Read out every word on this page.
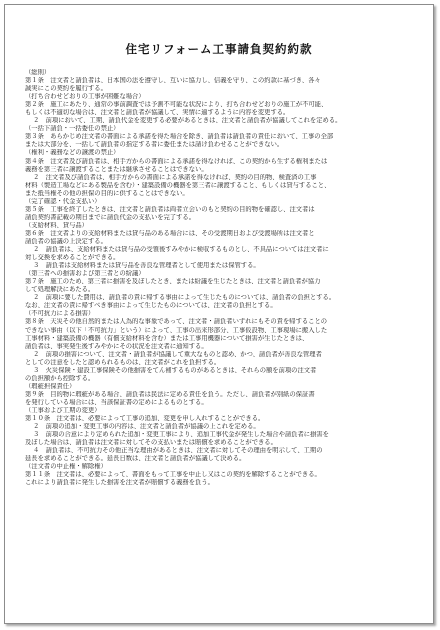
住宅リフォーム工事請負契約約款
（総則）
第１条　注文者と請負者は、日本国の法を遵守し、互いに協力し、信義を守り、この約款に基づき、各々
誠実にこの契約を履行する。
（打ち合わせどおりの工事が困難な場合）
第２条　施工にあたり、通常の事前調査では予測不可能な状況により、打ち合わせどおりの施工が不可能、
もしくは不適切な場合は、注文者と請負者が協議して、実情に適するように内容を変更する。
２　前項において、工期、請負代金を変更する必要があるときは、注文者と請負者が協議してこれを定める。
（一括下請負・一括委任の禁止）
第３条　あらかじめ注文者の書面による承諾を得た場合を除き、請負者は請負者の責任において、工事の全部
または大部分を、一括して請負者の指定する者に委任または請け負わせることができない。
（権利・義務などの譲渡の禁止）
第４条　注文者及び請負者は、相手方からの書面による承諾を得なければ、この契約から生ずる権利または
義務を第三者に譲渡することまたは継承させることはできない。
２　注文者及び請負者は、相手方からの書面による承諾を得なければ、契約の目的物、検査済の工事
材料（製造工場などにある製品を含む）・建築設備の機器を第三者に譲渡すること、もしくは貸与すること、
また抵当権その他の担保の目的に供することはできない。
（完了確認・代金支払い）
第５条　工事を終了したときは、注文者と請負者は両者立会いのもと契約の目的物を確認し、注文者は
請負契約書記載の期日までに請負代金の支払いを完了する。
（支給材料、貸与品）
第６条　注文者よりの支給材料または貸与品のある場合には、その受渡期日および受渡場所は注文者と
請負者の協議の上決定する。
２　請負者は、支給材料または貸与品の受領後すみやかに検収するものとし、不具品については注文者に
対し交換を求めることができる。
３　請負者は支給材料または貸与品を善良な管理者として使用または保管する。
（第三者への損害および第三者との紛議）
第７条　施工のため、第三者に損害を及ぼしたとき、または紛議を生じたときは、注文者と請負者が協力
して処理解決にあたる。
２　前項に要した費用は、請負者の責に帰する事由によって生じたものについては、請負者の負担とする。
なお、注文者の責に帰すべき事由によって生じたものについては、注文者の負担とする。
（不可抗力による損害）
第８条　天災その他自然的または人為的な事象であって、注文者・請負者いずれにもその責を帰することの
できない事由（以下「不可抗力」という）によって、工事の出来形部分、工事仮設物、工事現場に搬入した
工事材料・建築設備の機器（有償支給材料を含む）または工事用機器について損害が生じたときは、
請負者は、事実発生後すみやかにその状況を注文者に通知する。
２　前項の損害について、注文者・請負者が協議して重大なものと認め、かつ、請負者が善良な管理者
としての注意をしたと認められるものは、注文者がこれを負担する。
３　火災保険・建設工事保険その他損害をてん補するものがあるときは、それらの額を前項の注文者
の負担額から控除する。
（瑕疵担保責任）
第９条　目的物に瑕疵がある場合、請負者は民法に定める責任を負う。ただし、請負者が別紙の保証書
を発行している場合には、当該保証書の定めによるものとする。
（工事および工期の変更）
第１０条　注文者は、必要によって工事の追加、変更を申し入れすることができる。
２　前項の追加・変更工事の内容は、注文者と請負者が協議の上これを定める。
３　前項の合意により定められた追加・変更工事により、追加工事代金が発生した場合や請負者に損害を
及ぼした場合は、請負者は注文者に対してその支払いまたは賠償を求めることができる。
４　請負者は、不可抗力その他正当な理由があるときは、注文者に対してその理由を明示して、工期の
延長を求めることができる。延長日数は、注文者と請負者が協議して決める。
（注文者の中止権・解除権）
第１１条　注文者は、必要によって、書面をもって工事を中止し又はこの契約を解除することができる。
これにより請負者に発生した損害を注文者が賠償する義務を負う。
